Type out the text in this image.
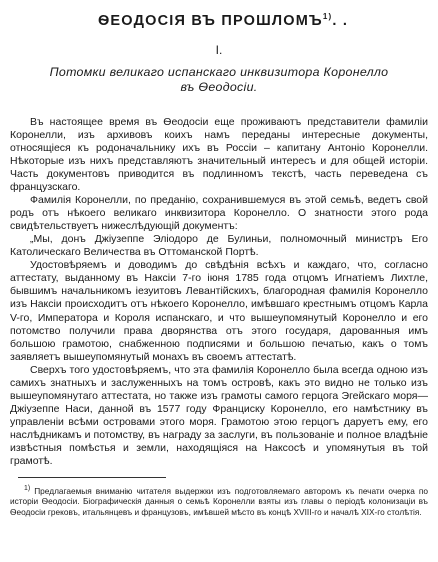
ѲЕОДОСІЯ ВЪ ПРОШЛОМЪ$^{1)}$. .
I.
Потомки великаго испанскаго инквизитора Коронелло
въ Ѳеодосіи.

Въ настоящее время въ Ѳеодосіи еще проживаютъ представители фамиліи Коронелли, изъ архивовъ коихъ намъ переданы интересные документы, относящіеся къ родоначальнику ихъ въ Россіи – капитану Антоніо Коронелли. Нѣкоторые изъ нихъ представляютъ значительный интересъ и для общей исторіи. Часть документовъ приводится въ подлинномъ текстѣ, часть переведена съ французскаго.

Фамилія Коронелли, по преданію, сохранившемуся въ этой семьѣ, ведетъ свой родъ отъ нѣкоего великаго инквизитора Коронелло. О знатности этого рода свидѣтельствуетъ нижеслѣдующій документъ:

„Мы, донъ Джіузеппе Элiодоро де Булиньи, полномочный министръ Его Католическаго Величества въ Оттоманской Портѣ.

Удостовѣряемъ и доводимъ до свѣдѣнія всѣхъ и каждаго, что, согласно аттестату, выданному въ Наксіи 7-го іюня 1785 года отцомъ Игнатіемъ Лихтле, бывшимъ начальникомъ іезуитовъ Левантійскихъ, благородная фамилія Коронелло изъ Наксіи происходитъ отъ нѣкоего Коронелло, имѣвшаго крестнымъ отцомъ Карла V-го, Императора и Короля испанскаго, и что вышеупомянутый Коронелло и его потомство получили права дворянства отъ этого государя, дарованныя имъ большою грамотою, снабженною подписями и большою печатью, какъ о томъ заявляетъ вышеупомянутый монахъ въ своемъ аттестатѣ.

Сверхъ того удостовѣряемъ, что эта фамилія Коронелло была всегда одною изъ самихъ знатныхъ и заслуженныхъ на томъ островѣ, какъ это видно не только изъ вышеупомянутаго аттестата, но также изъ грамоты самого герцога Эгейскаго моря—Джіузеппе Наси, данной въ 1577 году Франциску Коронелло, его намѣстнику въ управленіи всѣми островами этого моря. Грамотою этою герцогъ даруетъ ему, его наслѣдникамъ и потомству, въ награду за заслуги, въ пользованіе и полное владѣніе извѣстныя помѣстья и земли, находящіяся на Наксосѣ и упомянутыя въ той грамотѣ.

$^{1)}$ Предлагаемыя вниманію читателя выдержки изъ подготовляемаго авторомъ къ печати очерка по исторіи Ѳеодосіи. Біографическія данныя о семьѣ Коронелли взяты изъ главы о періодѣ колонизаціи въ Ѳеодосіи грековъ, итальянцевъ и французовъ, имѣвшей мѣсто въ концѣ XVIII-го и началѣ XIX-го столѣтія.
